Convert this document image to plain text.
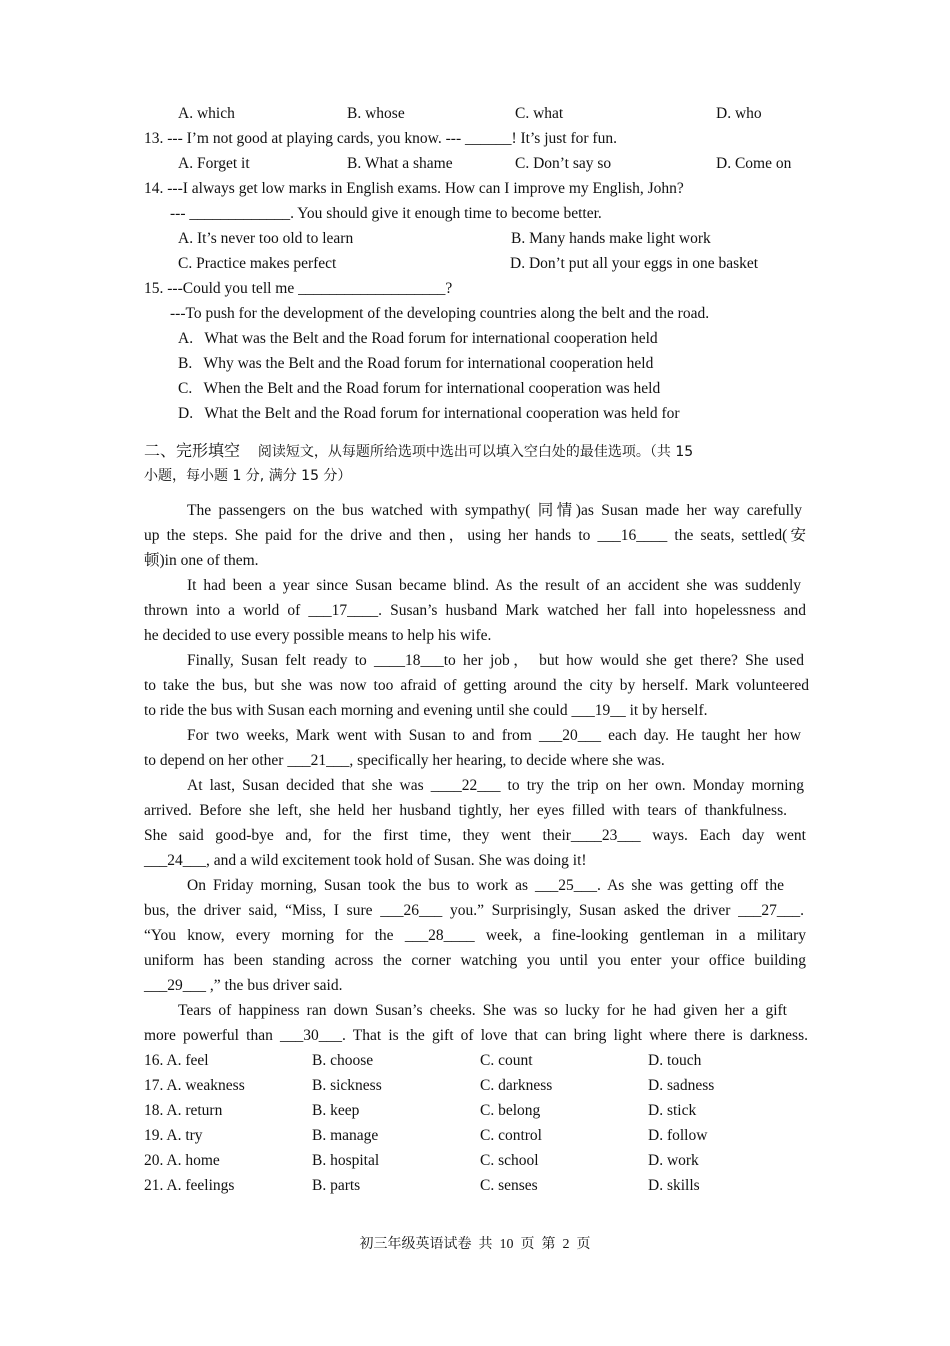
A. which	B. whose	C. what	D. who
13. --- I’m not good at playing cards, you know. --- ______! It’s just for fun.
A. Forget it	B. What a shame	C. Don’t say so	D. Come on
14. ---I always get low marks in English exams. How can I improve my English, John?
--- _____________. You should give it enough time to become better.
A. It’s never too old to learn	B. Many hands make light work
C. Practice makes perfect	D. Don’t put all your eggs in one basket
15. ---Could you tell me ___________________?
---To push for the development of the developing countries along the belt and the road.
A.   What was the Belt and the Road forum for international cooperation held
B.   Why was the Belt and the Road forum for international cooperation held
C.   When the Belt and the Road forum for international cooperation was held
D.   What the Belt and the Road forum for international cooperation was held for
二、完形填空 阅读短文，从每题所给选项中选出可以填入空白处的最佳选项。（共 15
小题，每小题 1 分, 满分 15 分）
The passengers on the bus watched with sympathy( 同情)as Susan made her way carefully
up the steps. She paid for the drive and then，using her hands to ___16____ the seats, settled(安
顿)in one of them.
It had been a year since Susan became blind. As the result of an accident she was suddenly
thrown into a world of ___17____. Susan’s husband Mark watched her fall into hopelessness and
he decided to use every possible means to help his wife.
Finally, Susan felt ready to ____18___to her job， but how would she get there? She used
to take the bus, but she was now too afraid of getting around the city by herself. Mark volunteered
to ride the bus with Susan each morning and evening until she could ___19__ it by herself.
For two weeks, Mark went with Susan to and from ___20___ each day. He taught her how
to depend on her other ___21___, specifically her hearing, to decide where she was.
At last, Susan decided that she was ____22___ to try the trip on her own. Monday morning
arrived. Before she left, she held her husband tightly, her eyes filled with tears of thankfulness.
She said good-bye and, for the first time, they went their____23___ ways. Each day went
___24___, and a wild excitement took hold of Susan. She was doing it!
On Friday morning, Susan took the bus to work as ___25___. As she was getting off the
bus, the driver said, “Miss, I sure ___26___ you.” Surprisingly, Susan asked the driver ___27___.
“You know, every morning for the ___28____ week, a fine-looking gentleman in a military
uniform has been standing across the corner watching you until you enter your office building
___29___ ,” the bus driver said.
Tears of happiness ran down Susan’s cheeks. She was so lucky for he had given her a gift
more powerful than ___30___. That is the gift of love that can bring light where there is darkness.
16. A. feel	B. choose	C. count	D. touch
17. A. weakness	B. sickness	C. darkness	D. sadness
18. A. return	B. keep	C. belong	D. stick
19. A. try	B. manage	C. control	D. follow
20. A. home	B. hospital	C. school	D. work
21. A. feelings	B. parts	C. senses	D. skills
初三年级英语试卷  共  10  页  第  2  页
